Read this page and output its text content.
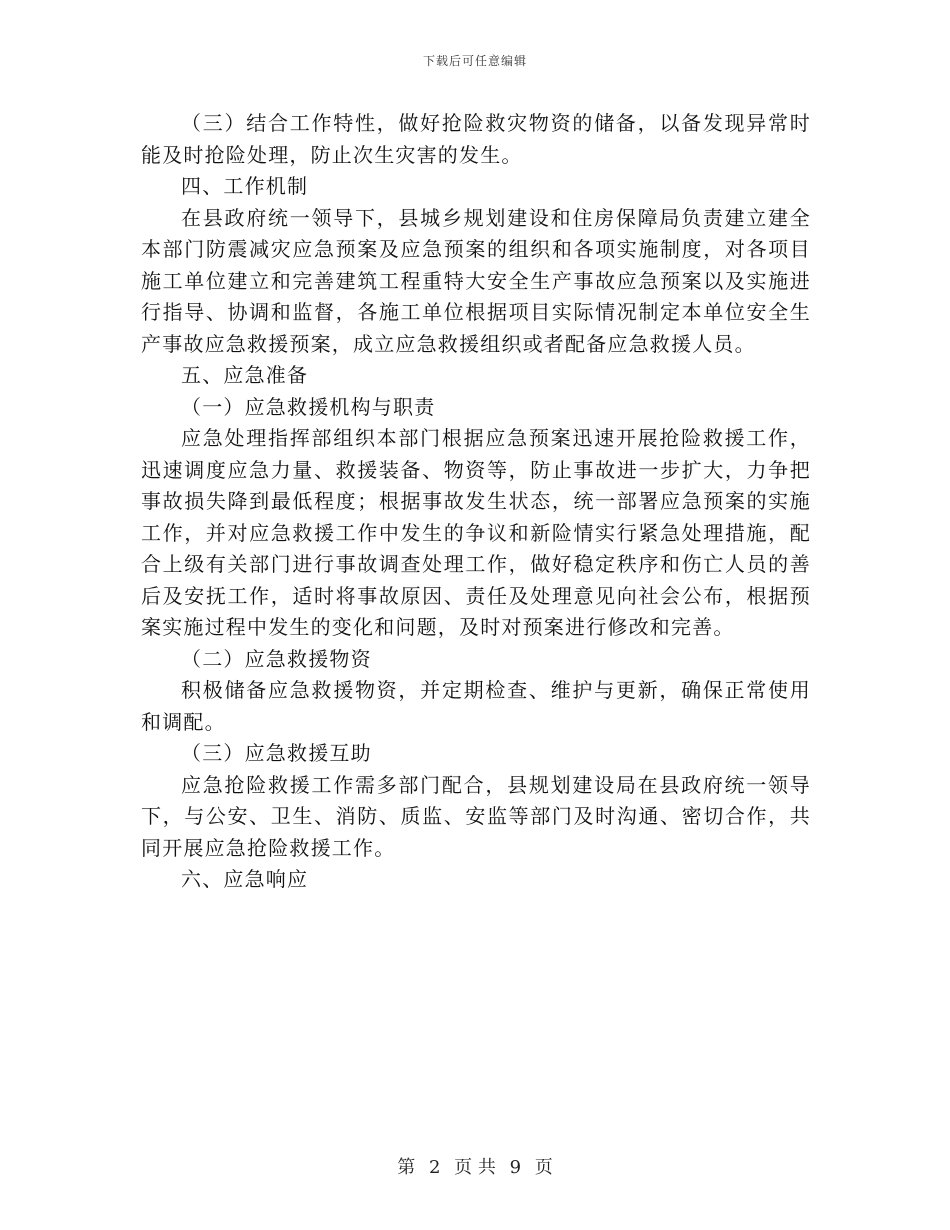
下载后可任意编辑

（三）结合工作特性，做好抢险救灾物资的储备，以备发现异常时能及时抢险处理，防止次生灾害的发生。

四、工作机制

在县政府统一领导下，县城乡规划建设和住房保障局负责建立建全本部门防震减灾应急预案及应急预案的组织和各项实施制度，对各项目施工单位建立和完善建筑工程重特大安全生产事故应急预案以及实施进行指导、协调和监督，各施工单位根据项目实际情况制定本单位安全生产事故应急救援预案，成立应急救援组织或者配备应急救援人员。

五、应急准备

（一）应急救援机构与职责

应急处理指挥部组织本部门根据应急预案迅速开展抢险救援工作，迅速调度应急力量、救援装备、物资等，防止事故进一步扩大，力争把事故损失降到最低程度；根据事故发生状态，统一部署应急预案的实施工作，并对应急救援工作中发生的争议和新险情实行紧急处理措施，配合上级有关部门进行事故调查处理工作，做好稳定秩序和伤亡人员的善后及安抚工作，适时将事故原因、责任及处理意见向社会公布，根据预案实施过程中发生的变化和问题，及时对预案进行修改和完善。

（二）应急救援物资

积极储备应急救援物资，并定期检查、维护与更新，确保正常使用和调配。

（三）应急救援互助

应急抢险救援工作需多部门配合，县规划建设局在县政府统一领导下，与公安、卫生、消防、质监、安监等部门及时沟通、密切合作，共同开展应急抢险救援工作。

六、应急响应

第 2 页 共 9 页
